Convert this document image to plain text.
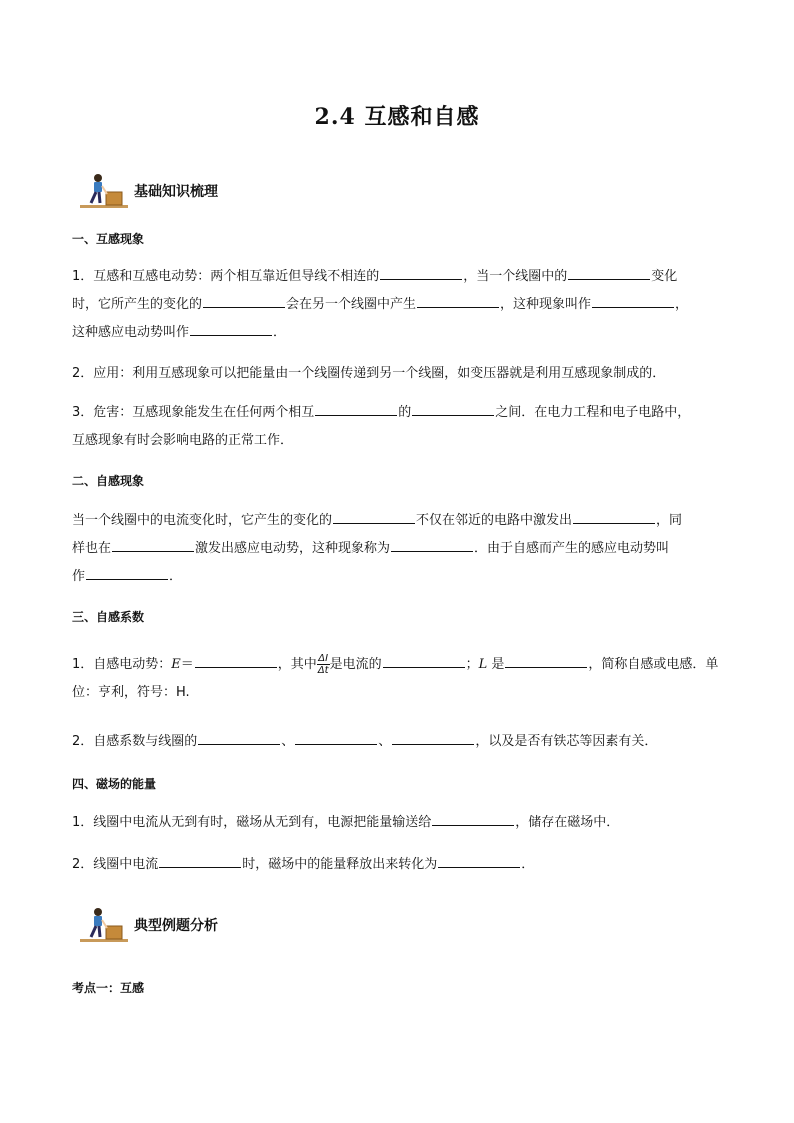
2.4 互感和自感
基础知识梳理
一、互感现象
1．互感和互感电动势：两个相互靠近但导线不相连的	，当一个线圈中的	变化
时，它所产生的变化的	会在另一个线圈中产生	，这种现象叫作	，
这种感应电动势叫作	．
2．应用：利用互感现象可以把能量由一个线圈传递到另一个线圈，如变压器就是利用互感现象制成的．
3．危害：互感现象能发生在任何两个相互	的	之间．在电力工程和电子电路中，
互感现象有时会影响电路的正常工作．
二、自感现象
当一个线圈中的电流变化时，它产生的变化的	不仅在邻近的电路中激发出	，同
样也在	激发出感应电动势，这种现象称为	．由于自感而产生的感应电动势叫
作	．
三、自感系数
1．自感电动势：E＝	，其中 $\frac{\Delta I}{\Delta t}$ 是电流的	；L 是	，简称自感或电感．单
位：亨利，符号：H.
2．自感系数与线圈的	、	、	，以及是否有铁芯等因素有关．
四、磁场的能量
1．线圈中电流从无到有时，磁场从无到有，电源把能量输送给	，储存在磁场中．
2．线圈中电流	时，磁场中的能量释放出来转化为	．
典型例题分析
考点一：互感
